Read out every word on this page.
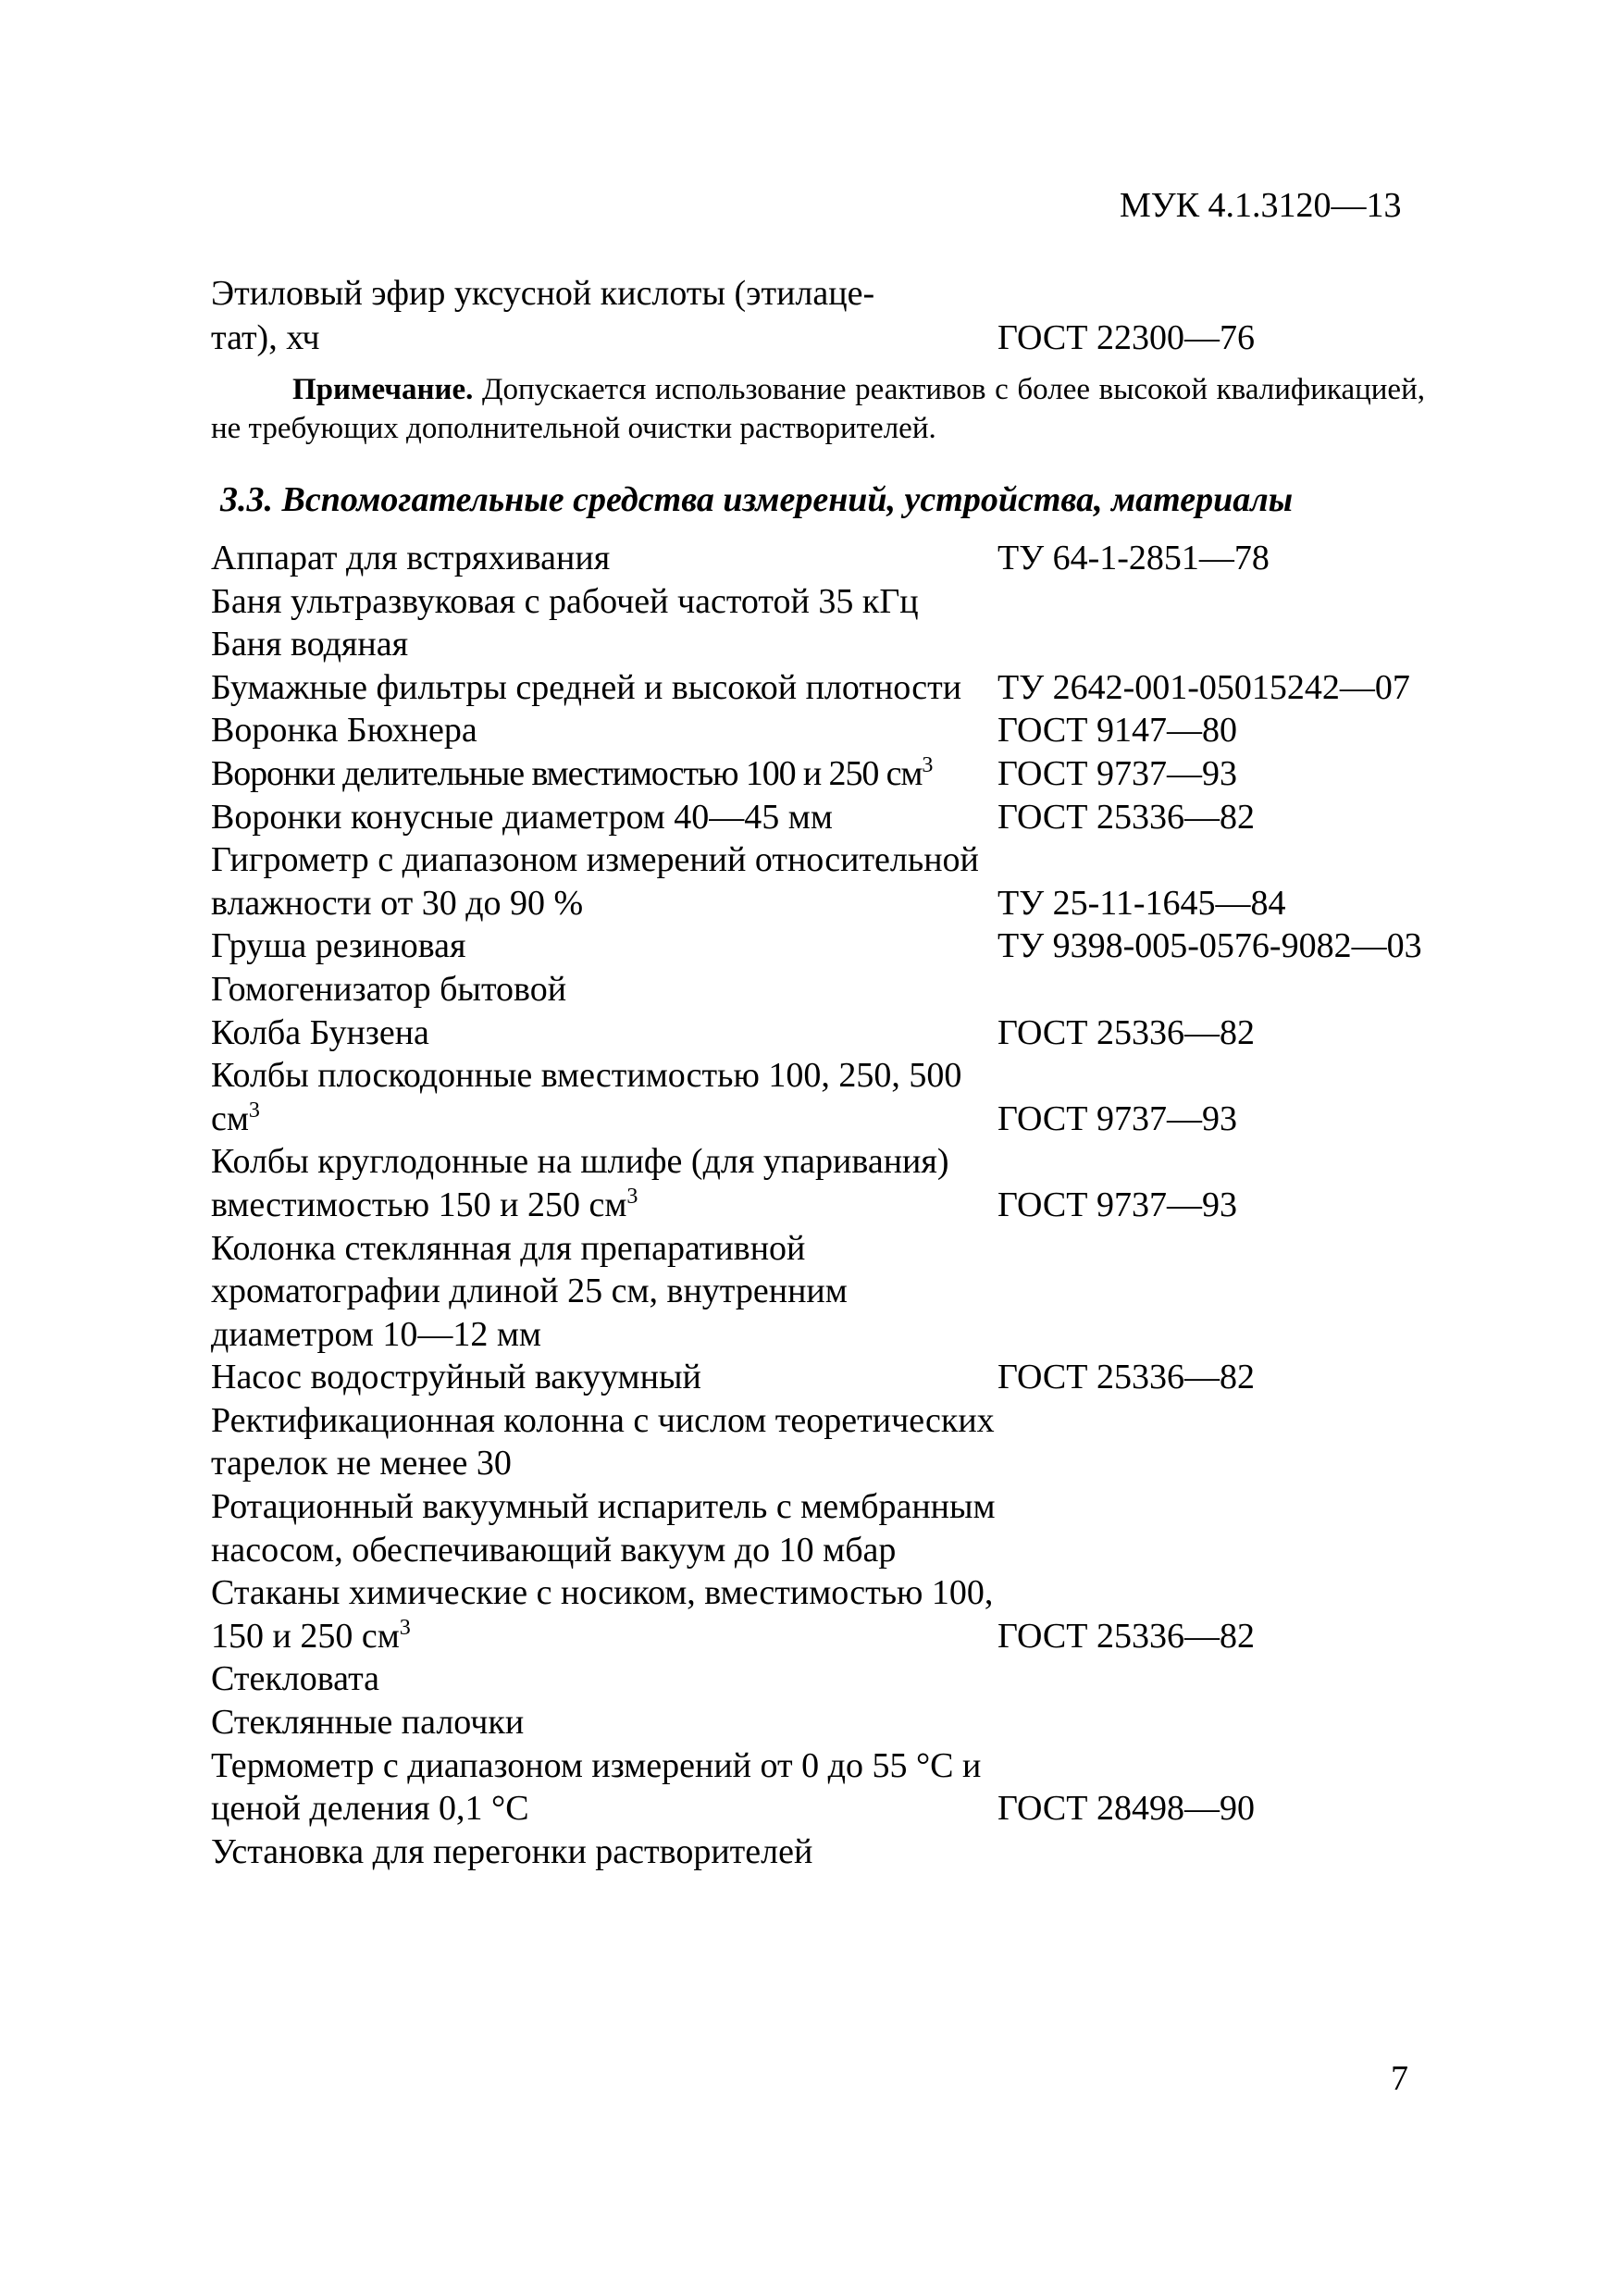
МУК 4.1.3120—13
Этиловый эфир уксусной кислоты (этилаце-
тат), хч	ГОСТ 22300—76
Примечание. Допускается использование реактивов с более высокой квалификацией, не требующих дополнительной очистки растворителей.
3.3. Вспомогательные средства измерений, устройства, материалы
Аппарат для встряхивания	ТУ 64-1-2851—78
Баня ультразвуковая с рабочей частотой 35 кГц
Баня водяная
Бумажные фильтры средней и высокой плотности	ТУ 2642-001-05015242—07
Воронка Бюхнера	ГОСТ 9147—80
Воронки делительные вместимостью 100 и 250 $см^3$	ГОСТ 9737—93
Воронки конусные диаметром 40—45 мм	ГОСТ 25336—82
Гигрометр с диапазоном измерений относительной влажности от 30 до 90 %	ТУ 25-11-1645—84
Груша резиновая	ТУ 9398-005-0576-9082—03
Гомогенизатор бытовой
Колба Бунзена	ГОСТ 25336—82
Колбы плоскодонные вместимостью 100, 250, 500 $см^3$	ГОСТ 9737—93
Колбы круглодонные на шлифе (для упаривания) вместимостью 150 и 250 $см^3$	ГОСТ 9737—93
Колонка стеклянная для препаративной хроматографии длиной 25 см, внутренним диаметром 10—12 мм
Насос водоструйный вакуумный	ГОСТ 25336—82
Ректификационная колонна с числом теоретических тарелок не менее 30
Ротационный вакуумный испаритель с мембранным насосом, обеспечивающий вакуум до 10 мбар
Стаканы химические с носиком, вместимостью 100, 150 и 250 $см^3$	ГОСТ 25336—82
Стекловата
Стеклянные палочки
Термометр с диапазоном измерений от 0 до 55 °С и ценой деления 0,1 °С	ГОСТ 28498—90
Установка для перегонки растворителей
7
